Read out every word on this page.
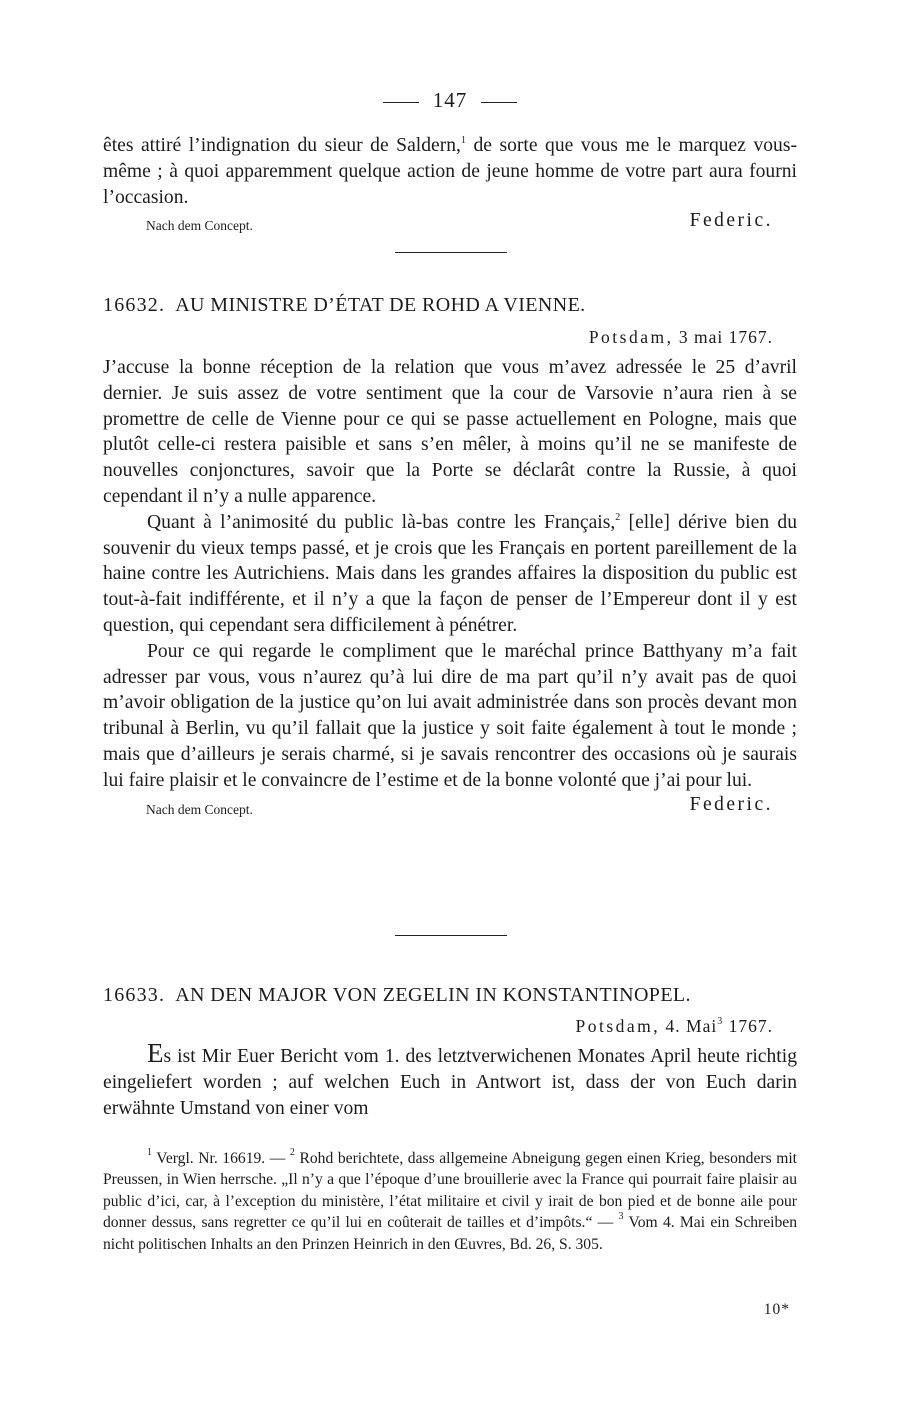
147

êtes attiré l’indignation du sieur de Saldern,$^1$ de sorte que vous me le marquez vous-même ; à quoi apparemment quelque action de jeune homme de votre part aura fourni l’occasion.

Nach dem Concept.	Federic.
16632. AU MINISTRE D’ÉTAT DE ROHD A VIENNE.
Potsdam, 3 mai 1767.

J’accuse la bonne réception de la relation que vous m’avez adressée le 25 d’avril dernier. Je suis assez de votre sentiment que la cour de Varsovie n’aura rien à se promettre de celle de Vienne pour ce qui se passe actuellement en Pologne, mais que plutôt celle-ci restera paisible et sans s’en mêler, à moins qu’il ne se manifeste de nouvelles conjonctures, savoir que la Porte se déclarât contre la Russie, à quoi cependant il n’y a nulle apparence.

Quant à l’animosité du public là-bas contre les Français,$^2$ [elle] dérive bien du souvenir du vieux temps passé, et je crois que les Français en portent pareillement de la haine contre les Autrichiens. Mais dans les grandes affaires la disposition du public est tout-à-fait indifférente, et il n’y a que la façon de penser de l’Empereur dont il y est question, qui cependant sera difficilement à pénétrer.

Pour ce qui regarde le compliment que le maréchal prince Batthyany m’a fait adresser par vous, vous n’aurez qu’à lui dire de ma part qu’il n’y avait pas de quoi m’avoir obligation de la justice qu’on lui avait administrée dans son procès devant mon tribunal à Berlin, vu qu’il fallait que la justice y soit faite également à tout le monde ; mais que d’ailleurs je serais charmé, si je savais rencontrer des occasions où je saurais lui faire plaisir et le convaincre de l’estime et de la bonne volonté que j’ai pour lui.

Nach dem Concept.	Federic.
16633. AN DEN MAJOR VON ZEGELIN IN KONSTANTINOPEL.
Potsdam, 4. Mai$^3$ 1767.

Es ist Mir Euer Bericht vom 1. des letztverwichenen Monates April heute richtig eingeliefert worden ; auf welchen Euch in Antwort ist, dass der von Euch darin erwähnte Umstand von einer vom

$^1$ Vergl. Nr. 16619. — $^2$ Rohd berichtete, dass allgemeine Abneigung gegen einen Krieg, besonders mit Preussen, in Wien herrsche. „Il n’y a que l’époque d’une brouillerie avec la France qui pourrait faire plaisir au public d’ici, car, à l’exception du ministère, l’état militaire et civil y irait de bon pied et de bonne aile pour donner dessus, sans regretter ce qu’il lui en coûterait de tailles et d’impôts.“ — $^3$ Vom 4. Mai ein Schreiben nicht politischen Inhalts an den Prinzen Heinrich in den Œuvres, Bd. 26, S. 305.

10*
